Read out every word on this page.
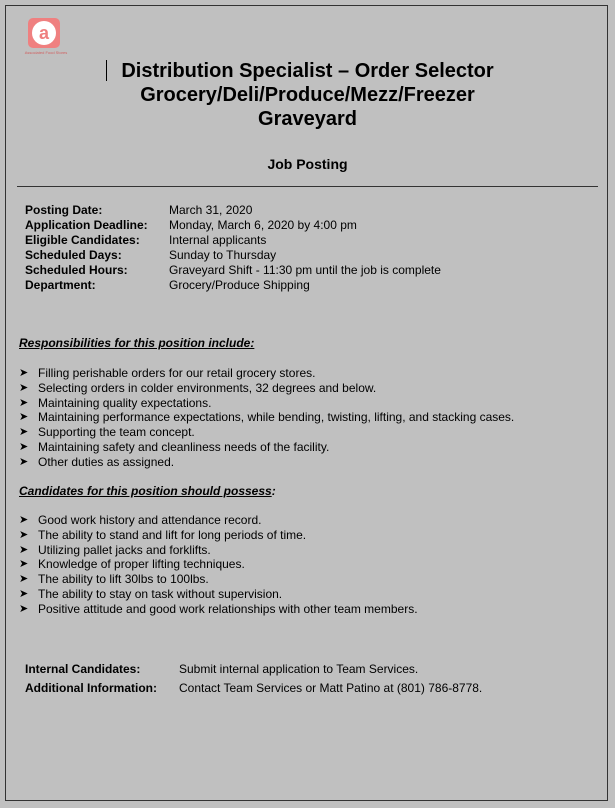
a
Associated Food Stores
Distribution Specialist – Order Selector
Grocery/Deli/Produce/Mezz/Freezer
Graveyard
Job Posting
Posting Date:	March 31, 2020
Application Deadline:	Monday, March 6, 2020 by 4:00 pm
Eligible Candidates:	Internal applicants
Scheduled Days:	Sunday to Thursday
Scheduled Hours:	Graveyard Shift - 11:30 pm until the job is complete
Department:	Grocery/Produce Shipping
Responsibilities for this position include:
➤ Filling perishable orders for our retail grocery stores.
➤ Selecting orders in colder environments, 32 degrees and below.
➤ Maintaining quality expectations.
➤ Maintaining performance expectations, while bending, twisting, lifting, and stacking cases.
➤ Supporting the team concept.
➤ Maintaining safety and cleanliness needs of the facility.
➤ Other duties as assigned.
Candidates for this position should possess:
➤ Good work history and attendance record.
➤ The ability to stand and lift for long periods of time.
➤ Utilizing pallet jacks and forklifts.
➤ Knowledge of proper lifting techniques.
➤ The ability to lift 30lbs to 100lbs.
➤ The ability to stay on task without supervision.
➤ Positive attitude and good work relationships with other team members.
Internal Candidates:	Submit internal application to Team Services.
Additional Information:	Contact Team Services or Matt Patino at (801) 786-8778.
